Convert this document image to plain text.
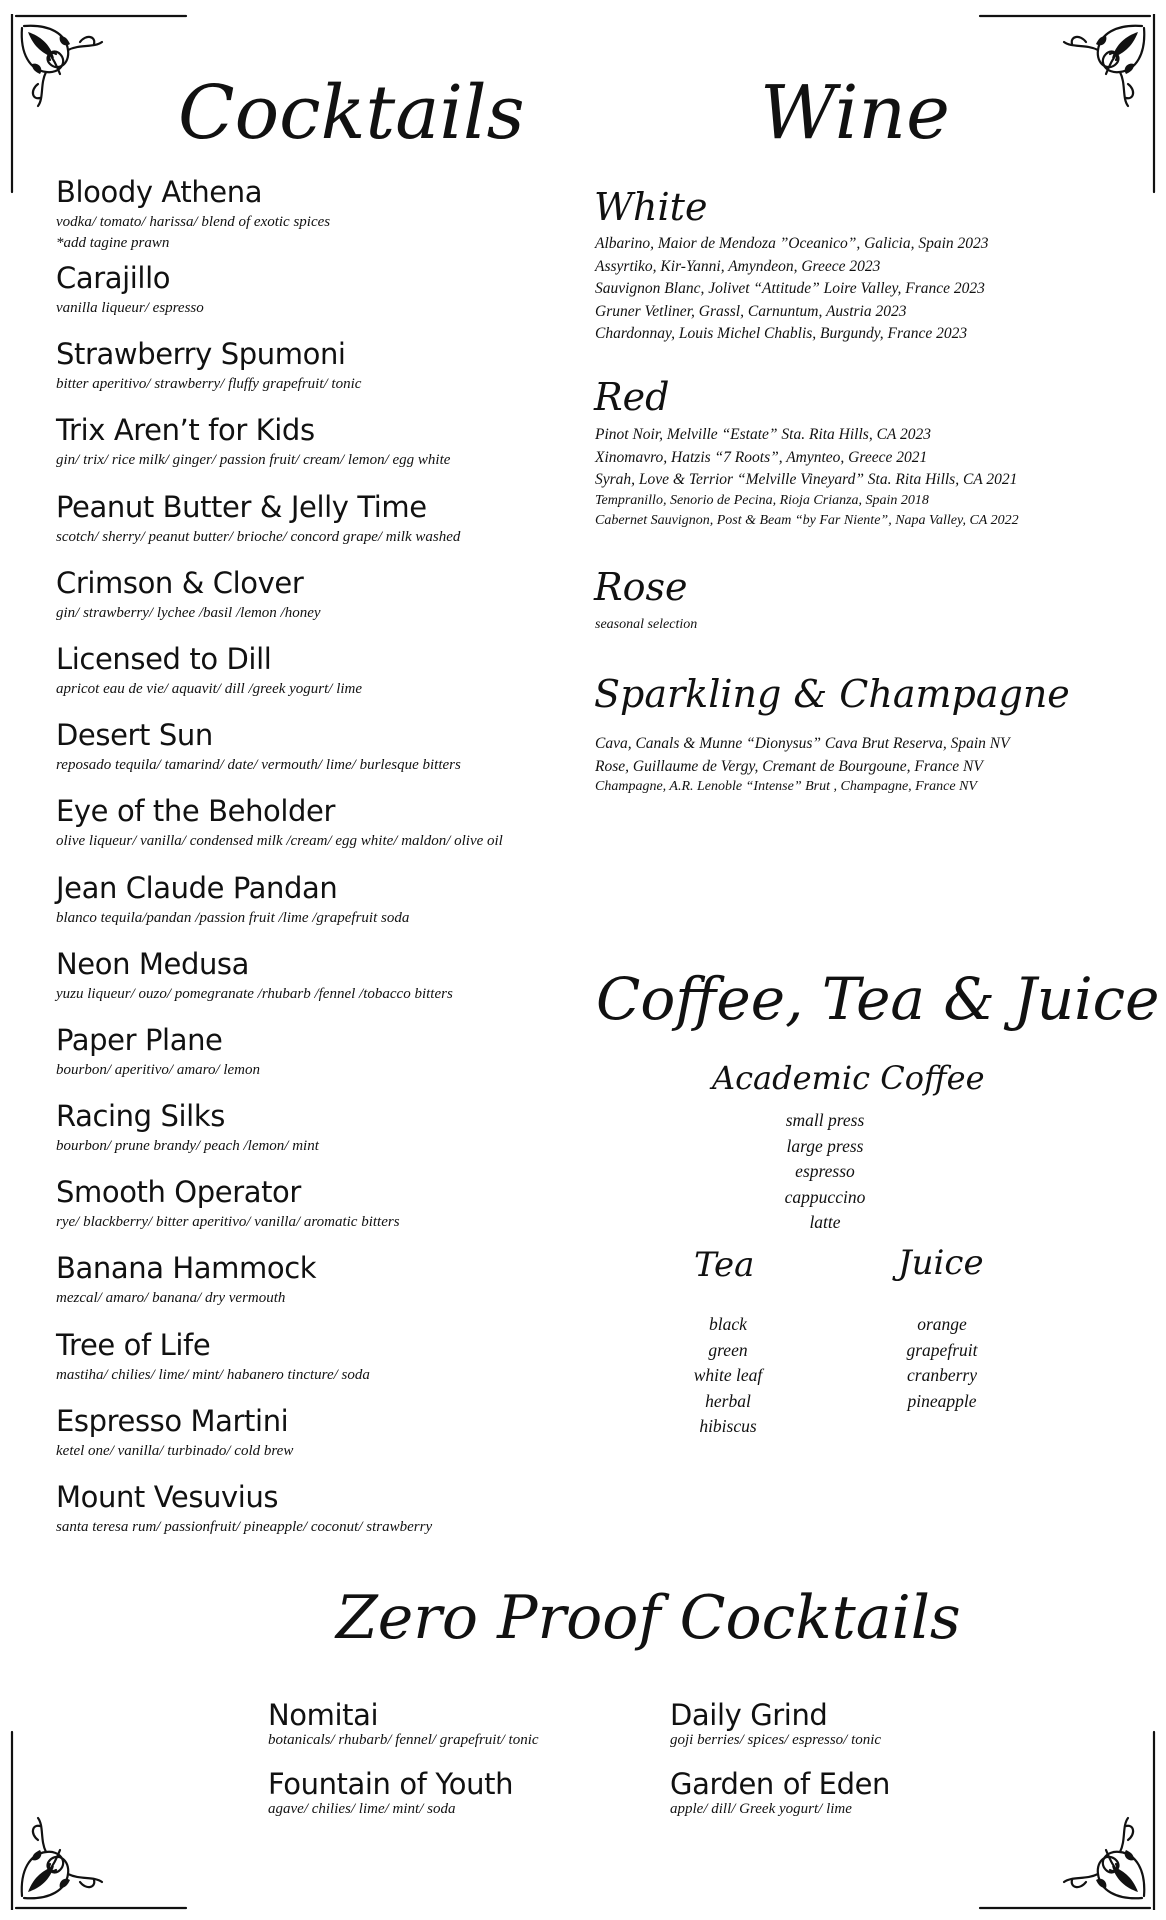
Cocktails
Bloody Athena
vodka/ tomato/ harissa/ blend of exotic spices
*add tagine prawn
Carajillo
vanilla liqueur/ espresso
Strawberry Spumoni
bitter aperitivo/ strawberry/ fluffy grapefruit/ tonic
Trix Aren’t for Kids
gin/ trix/ rice milk/ ginger/ passion fruit/ cream/ lemon/ egg white
Peanut Butter & Jelly Time
scotch/ sherry/ peanut butter/ brioche/ concord grape/ milk washed
Crimson & Clover
gin/ strawberry/ lychee /basil /lemon /honey
Licensed to Dill
apricot eau de vie/ aquavit/ dill /greek yogurt/ lime
Desert Sun
reposado tequila/ tamarind/ date/ vermouth/ lime/ burlesque bitters
Eye of the Beholder
olive liqueur/ vanilla/ condensed milk /cream/ egg white/ maldon/ olive oil
Jean Claude Pandan
blanco tequila/pandan /passion fruit /lime /grapefruit soda
Neon Medusa
yuzu liqueur/ ouzo/ pomegranate /rhubarb /fennel /tobacco bitters
Paper Plane
bourbon/ aperitivo/ amaro/ lemon
Racing Silks
bourbon/ prune brandy/ peach /lemon/ mint
Smooth Operator
rye/ blackberry/ bitter aperitivo/ vanilla/ aromatic bitters
Banana Hammock
mezcal/ amaro/ banana/ dry vermouth
Tree of Life
mastiha/ chilies/ lime/ mint/ habanero tincture/ soda
Espresso Martini
ketel one/ vanilla/ turbinado/ cold brew
Mount Vesuvius
santa teresa rum/ passionfruit/ pineapple/ coconut/ strawberry
Wine
White
Albarino, Maior de Mendoza ”Oceanico”, Galicia, Spain 2023
Assyrtiko, Kir-Yanni, Amyndeon, Greece 2023
Sauvignon Blanc, Jolivet “Attitude” Loire Valley, France 2023
Gruner Vetliner, Grassl, Carnuntum, Austria 2023
Chardonnay, Louis Michel Chablis, Burgundy, France 2023
Red
Pinot Noir, Melville “Estate” Sta. Rita Hills, CA 2023
Xinomavro, Hatzis “7 Roots”, Amynteo, Greece 2021
Syrah, Love & Terrior “Melville Vineyard” Sta. Rita Hills, CA 2021
Tempranillo, Senorio de Pecina, Rioja Crianza, Spain 2018
Cabernet Sauvignon, Post & Beam “by Far Niente”, Napa Valley, CA 2022
Rose
seasonal selection
Sparkling & Champagne
Cava, Canals & Munne “Dionysus” Cava Brut Reserva, Spain NV
Rose, Guillaume de Vergy, Cremant de Bourgoune, France NV
Champagne, A.R. Lenoble “Intense” Brut , Champagne, France NV
Coffee, Tea & Juice
Academic Coffee
small press
large press
espresso
cappuccino
latte
Tea
black
green
white leaf
herbal
hibiscus
Juice
orange
grapefruit
cranberry
pineapple
Zero Proof Cocktails
Nomitai
botanicals/ rhubarb/ fennel/ grapefruit/ tonic
Daily Grind
goji berries/ spices/ espresso/ tonic
Fountain of Youth
agave/ chilies/ lime/ mint/ soda
Garden of Eden
apple/ dill/ Greek yogurt/ lime
